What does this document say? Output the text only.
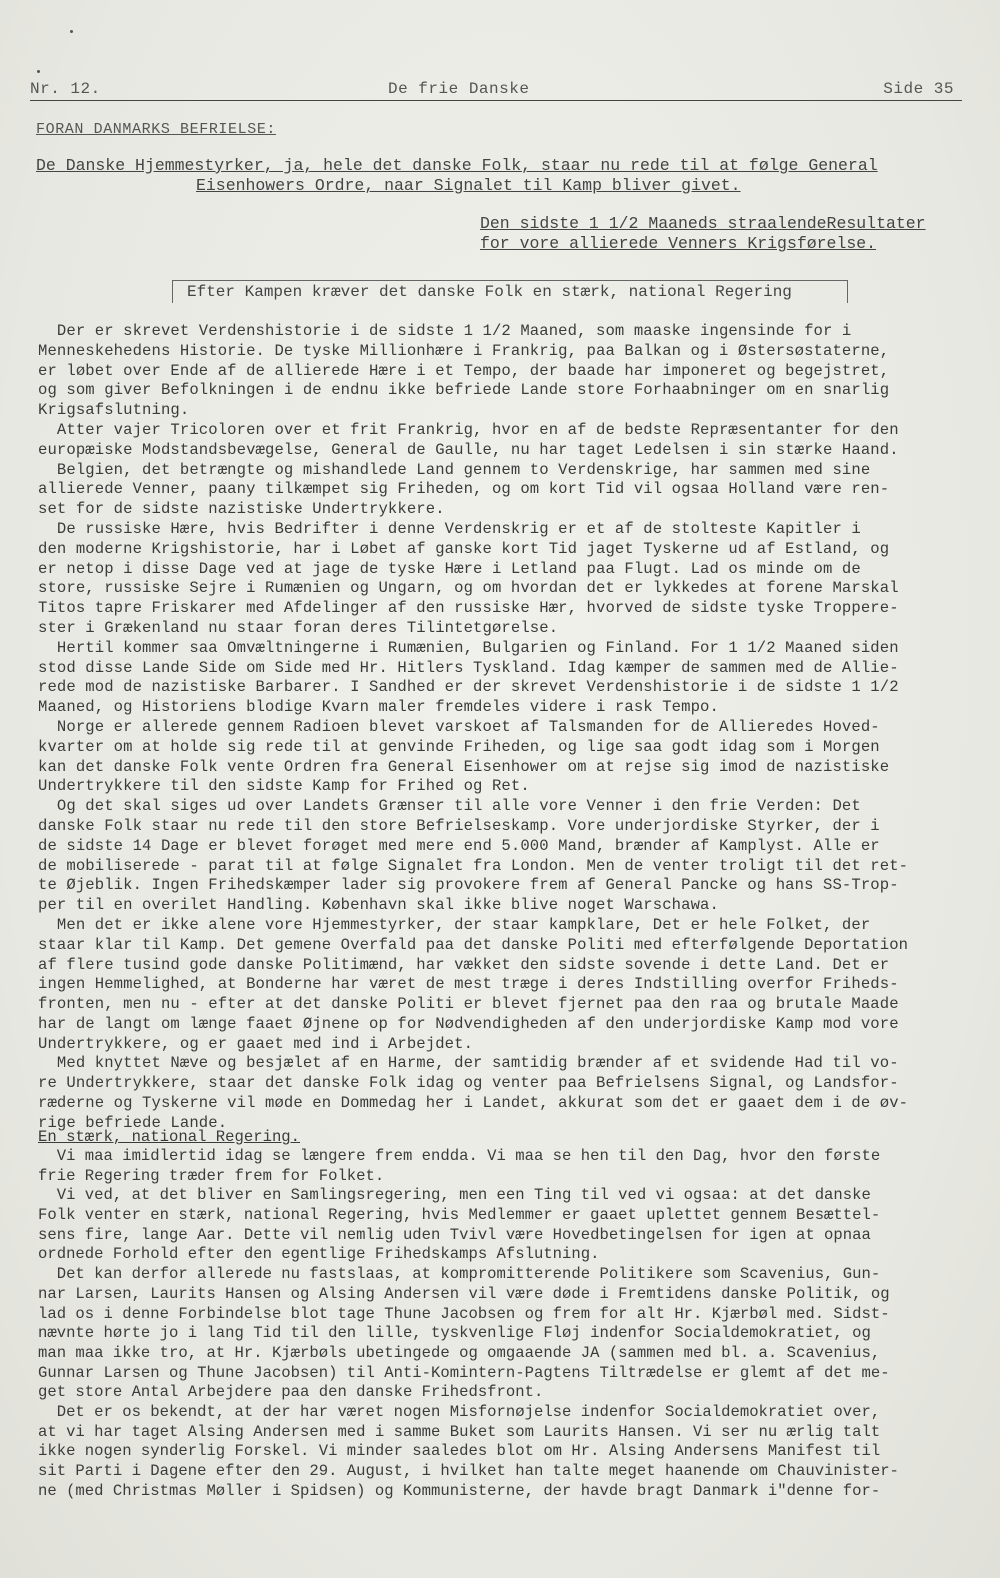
Nr. 12.	De frie Danske	Side 35
FORAN DANMARKS BEFRIELSE:
De Danske Hjemmestyrker, ja, hele det danske Folk, staar nu rede til at følge General
Eisenhowers Ordre, naar Signalet til Kamp bliver givet.
Den sidste 1 1/2 Maaneds straalendeResultater
for vore allierede Venners Krigsførelse.
Efter Kampen kræver det danske Folk en stærk, national Regering
Der er skrevet Verdenshistorie i de sidste 1 1/2 Maaned, som maaske ingensinde for i
Menneskehedens Historie. De tyske Millionhære i Frankrig, paa Balkan og i Østersøstaterne,
er løbet over Ende af de allierede Hære i et Tempo, der baade har imponeret og begejstret,
og som giver Befolkningen i de endnu ikke befriede Lande store Forhaabninger om en snarlig
Krigsafslutning.
Atter vajer Tricoloren over et frit Frankrig, hvor en af de bedste Repræsentanter for den
europæiske Modstandsbevægelse, General de Gaulle, nu har taget Ledelsen i sin stærke Haand.
Belgien, det betrængte og mishandlede Land gennem to Verdenskrige, har sammen med sine
allierede Venner, paany tilkæmpet sig Friheden, og om kort Tid vil ogsaa Holland være ren-
set for de sidste nazistiske Undertrykkere.
De russiske Hære, hvis Bedrifter i denne Verdenskrig er et af de stolteste Kapitler i
den moderne Krigshistorie, har i Løbet af ganske kort Tid jaget Tyskerne ud af Estland, og
er netop i disse Dage ved at jage de tyske Hære i Letland paa Flugt. Lad os minde om de
store, russiske Sejre i Rumænien og Ungarn, og om hvordan det er lykkedes at forene Marskal
Titos tapre Friskarer med Afdelinger af den russiske Hær, hvorved de sidste tyske Troppere-
ster i Grækenland nu staar foran deres Tilintetgørelse.
Hertil kommer saa Omvæltningerne i Rumænien, Bulgarien og Finland. For 1 1/2 Maaned siden
stod disse Lande Side om Side med Hr. Hitlers Tyskland. Idag kæmper de sammen med de Allie-
rede mod de nazistiske Barbarer. I Sandhed er der skrevet Verdenshistorie i de sidste 1 1/2
Maaned, og Historiens blodige Kvarn maler fremdeles videre i rask Tempo.
Norge er allerede gennem Radioen blevet varskoet af Talsmanden for de Allieredes Hoved-
kvarter om at holde sig rede til at genvinde Friheden, og lige saa godt idag som i Morgen
kan det danske Folk vente Ordren fra General Eisenhower om at rejse sig imod de nazistiske
Undertrykkere til den sidste Kamp for Frihed og Ret.
Og det skal siges ud over Landets Grænser til alle vore Venner i den frie Verden: Det
danske Folk staar nu rede til den store Befrielseskamp. Vore underjordiske Styrker, der i
de sidste 14 Dage er blevet forøget med mere end 5.000 Mand, brænder af Kamplyst. Alle er
de mobiliserede - parat til at følge Signalet fra London. Men de venter troligt til det ret-
te Øjeblik. Ingen Frihedskæmper lader sig provokere frem af General Pancke og hans SS-Trop-
per til en overilet Handling. København skal ikke blive noget Warschawa.
Men det er ikke alene vore Hjemmestyrker, der staar kampklare, Det er hele Folket, der
staar klar til Kamp. Det gemene Overfald paa det danske Politi med efterfølgende Deportation
af flere tusind gode danske Politimænd, har vækket den sidste sovende i dette Land. Det er
ingen Hemmelighed, at Bonderne har været de mest træge i deres Indstilling overfor Friheds-
fronten, men nu - efter at det danske Politi er blevet fjernet paa den raa og brutale Maade
har de langt om længe faaet Øjnene op for Nødvendigheden af den underjordiske Kamp mod vore
Undertrykkere, og er gaaet med ind i Arbejdet.
Med knyttet Næve og besjælet af en Harme, der samtidig brænder af et svidende Had til vo-
re Undertrykkere, staar det danske Folk idag og venter paa Befrielsens Signal, og Landsfor-
ræderne og Tyskerne vil møde en Dommedag her i Landet, akkurat som det er gaaet dem i de øv-
rige befriede Lande.
En stærk, national Regering.
Vi maa imidlertid idag se længere frem endda. Vi maa se hen til den Dag, hvor den første
frie Regering træder frem for Folket.
Vi ved, at det bliver en Samlingsregering, men een Ting til ved vi ogsaa: at det danske
Folk venter en stærk, national Regering, hvis Medlemmer er gaaet uplettet gennem Besættel-
sens fire, lange Aar. Dette vil nemlig uden Tvivl være Hovedbetingelsen for igen at opnaa
ordnede Forhold efter den egentlige Frihedskamps Afslutning.
Det kan derfor allerede nu fastslaas, at kompromitterende Politikere som Scavenius, Gun-
nar Larsen, Laurits Hansen og Alsing Andersen vil være døde i Fremtidens danske Politik, og
lad os i denne Forbindelse blot tage Thune Jacobsen og frem for alt Hr. Kjærbøl med. Sidst-
nævnte hørte jo i lang Tid til den lille, tyskvenlige Fløj indenfor Socialdemokratiet, og
man maa ikke tro, at Hr. Kjærbøls ubetingede og omgaaende JA (sammen med bl. a. Scavenius,
Gunnar Larsen og Thune Jacobsen) til Anti-Komintern-Pagtens Tiltrædelse er glemt af det me-
get store Antal Arbejdere paa den danske Frihedsfront.
Det er os bekendt, at der har været nogen Misfornøjelse indenfor Socialdemokratiet over,
at vi har taget Alsing Andersen med i samme Buket som Laurits Hansen. Vi ser nu ærlig talt
ikke nogen synderlig Forskel. Vi minder saaledes blot om Hr. Alsing Andersens Manifest til
sit Parti i Dagene efter den 29. August, i hvilket han talte meget haanende om Chauvinister-
ne (med Christmas Møller i Spidsen) og Kommunisterne, der havde bragt Danmark i"denne for-
